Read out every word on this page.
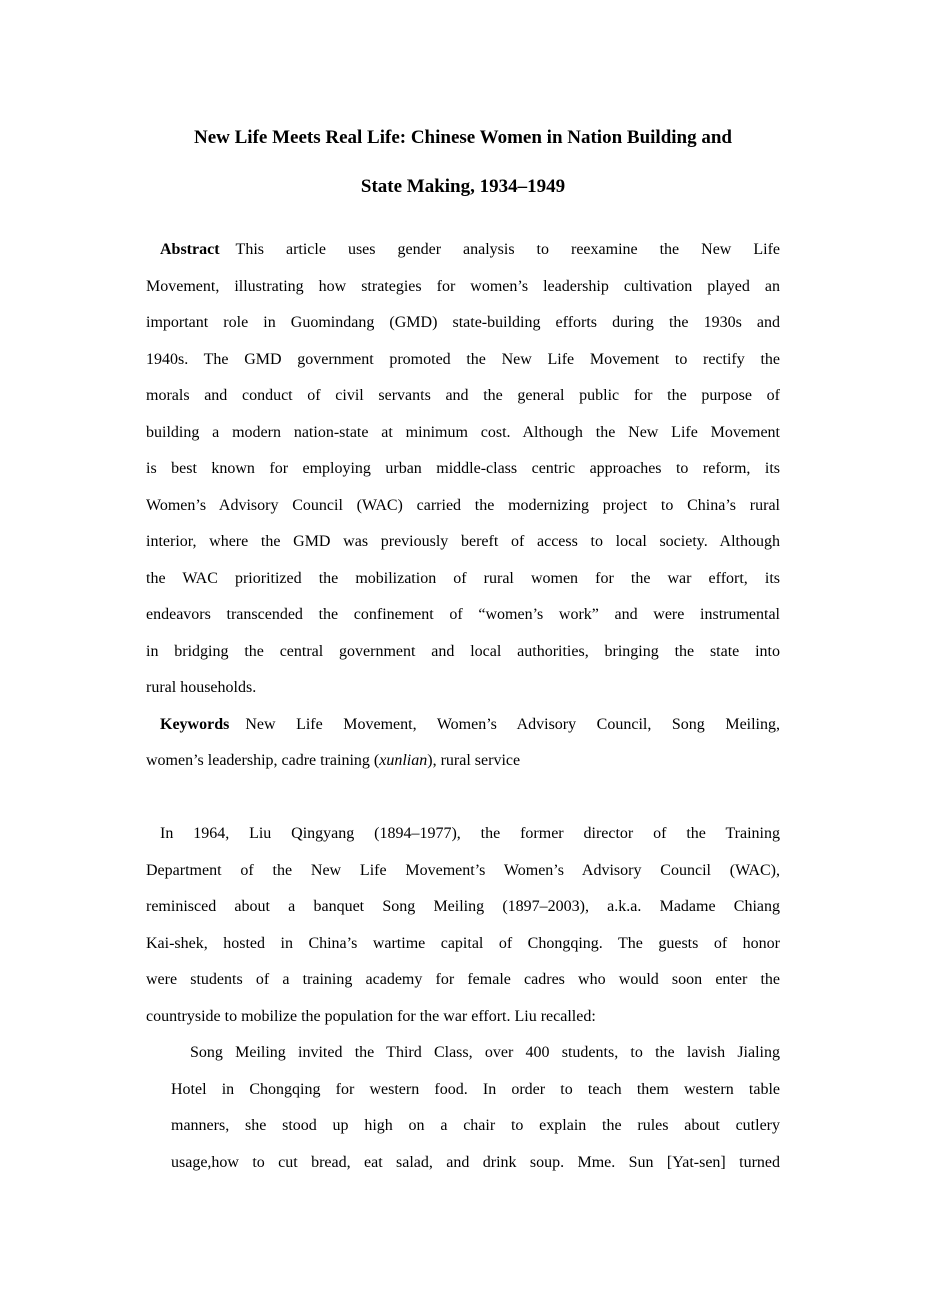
New Life Meets Real Life: Chinese Women in Nation Building and
State Making, 1934–1949
Abstract  This article uses gender analysis to reexamine the New Life
Movement, illustrating how strategies for women’s leadership cultivation played an
important role in Guomindang (GMD) state-building efforts during the 1930s and
1940s. The GMD government promoted the New Life Movement to rectify the
morals and conduct of civil servants and the general public for the purpose of
building a modern nation-state at minimum cost. Although the New Life Movement
is best known for employing urban middle-class centric approaches to reform, its
Women’s Advisory Council (WAC) carried the modernizing project to China’s rural
interior, where the GMD was previously bereft of access to local society. Although
the WAC prioritized the mobilization of rural women for the war effort, its
endeavors transcended the confinement of “women’s work” and were instrumental
in bridging the central government and local authorities, bringing the state into
rural households.
Keywords  New Life Movement, Women’s Advisory Council, Song Meiling,
women’s leadership, cadre training (xunlian), rural service
In 1964, Liu Qingyang (1894–1977), the former director of the Training
Department of the New Life Movement’s Women’s Advisory Council (WAC),
reminisced about a banquet Song Meiling (1897–2003), a.k.a. Madame Chiang
Kai-shek, hosted in China’s wartime capital of Chongqing. The guests of honor
were students of a training academy for female cadres who would soon enter the
countryside to mobilize the population for the war effort. Liu recalled:
Song Meiling invited the Third Class, over 400 students, to the lavish Jialing
Hotel in Chongqing for western food. In order to teach them western table
manners, she stood up high on a chair to explain the rules about cutlery
usage,how to cut bread, eat salad, and drink soup. Mme. Sun [Yat-sen] turned
